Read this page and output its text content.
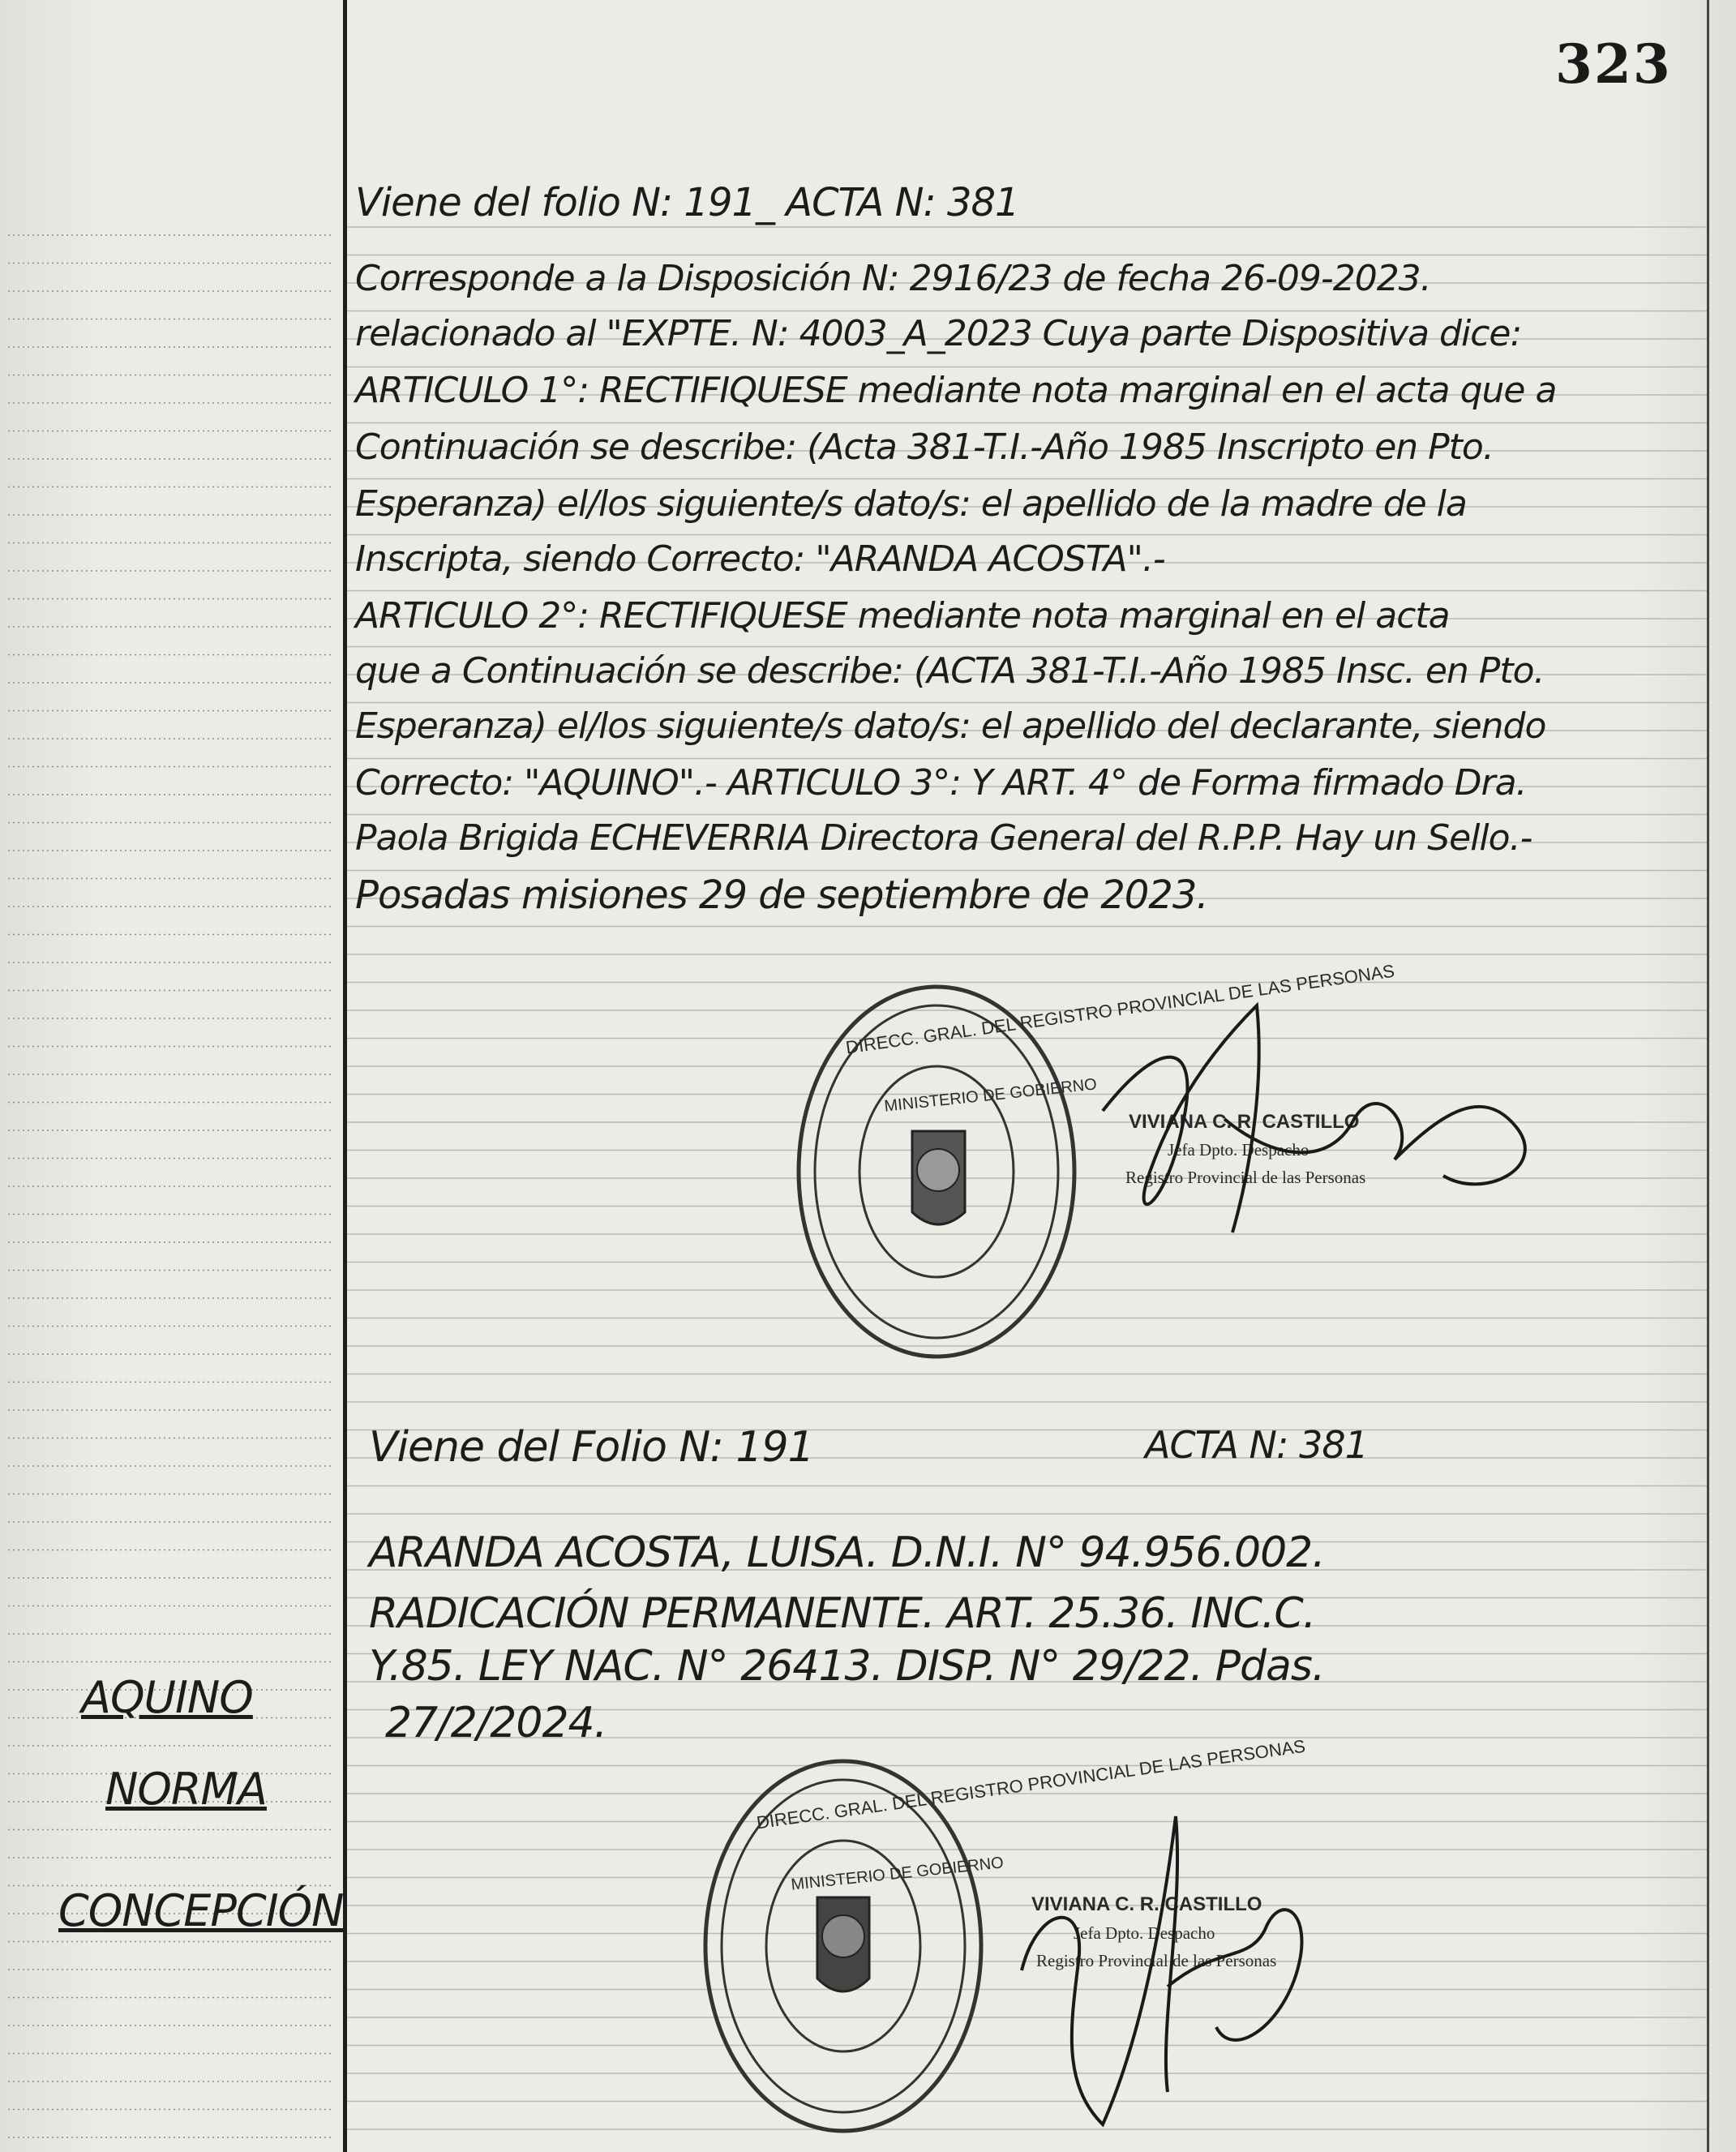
323
Viene del folio N: 191_ ACTA N: 381
Corresponde a la Disposición N: 2916/23 de fecha 26-09-2023.
relacionado al "EXPTE. N: 4003_A_2023 Cuya parte Dispositiva dice:
ARTICULO 1°: RECTIFIQUESE mediante nota marginal en el acta que a
Continuación se describe: (Acta 381-T.I.-Año 1985 Inscripto en Pto.
Esperanza) el/los siguiente/s dato/s: el apellido de la madre de la
Inscripta, siendo Correcto: "ARANDA ACOSTA".-
ARTICULO 2°: RECTIFIQUESE mediante nota marginal en el acta
que a Continuación se describe: (ACTA 381-T.I.-Año 1985 Insc. en Pto.
Esperanza) el/los siguiente/s dato/s: el apellido del declarante, siendo
Correcto: "AQUINO".- ARTICULO 3°: Y ART. 4° de Forma firmado Dra.
Paola Brigida ECHEVERRIA Directora General del R.P.P. Hay un Sello.-
Posadas misiones 29 de septiembre de 2023.
DIRECC. GRAL. DEL REGISTRO PROVINCIAL DE LAS PERSONAS
MINISTERIO DE GOBIERNO
VIVIANA C. R. CASTILLO
Jefa Dpto. Despacho
Registro Provincial de las Personas
Viene del Folio N: 191	ACTA N: 381
ARANDA ACOSTA, LUISA. D.N.I. N° 94.956.002.
RADICACIÓN PERMANENTE. ART. 25.36. INC.C.
Y.85. LEY NAC. N° 26413. DISP. N° 29/22. Pdas.
27/2/2024.
AQUINO
NORMA
CONCEPCIÓN
DIRECC. GRAL. DEL REGISTRO PROVINCIAL DE LAS PERSONAS
MINISTERIO DE GOBIERNO
VIVIANA C. R. CASTILLO
Jefa Dpto. Despacho
Registro Provincial de las Personas
